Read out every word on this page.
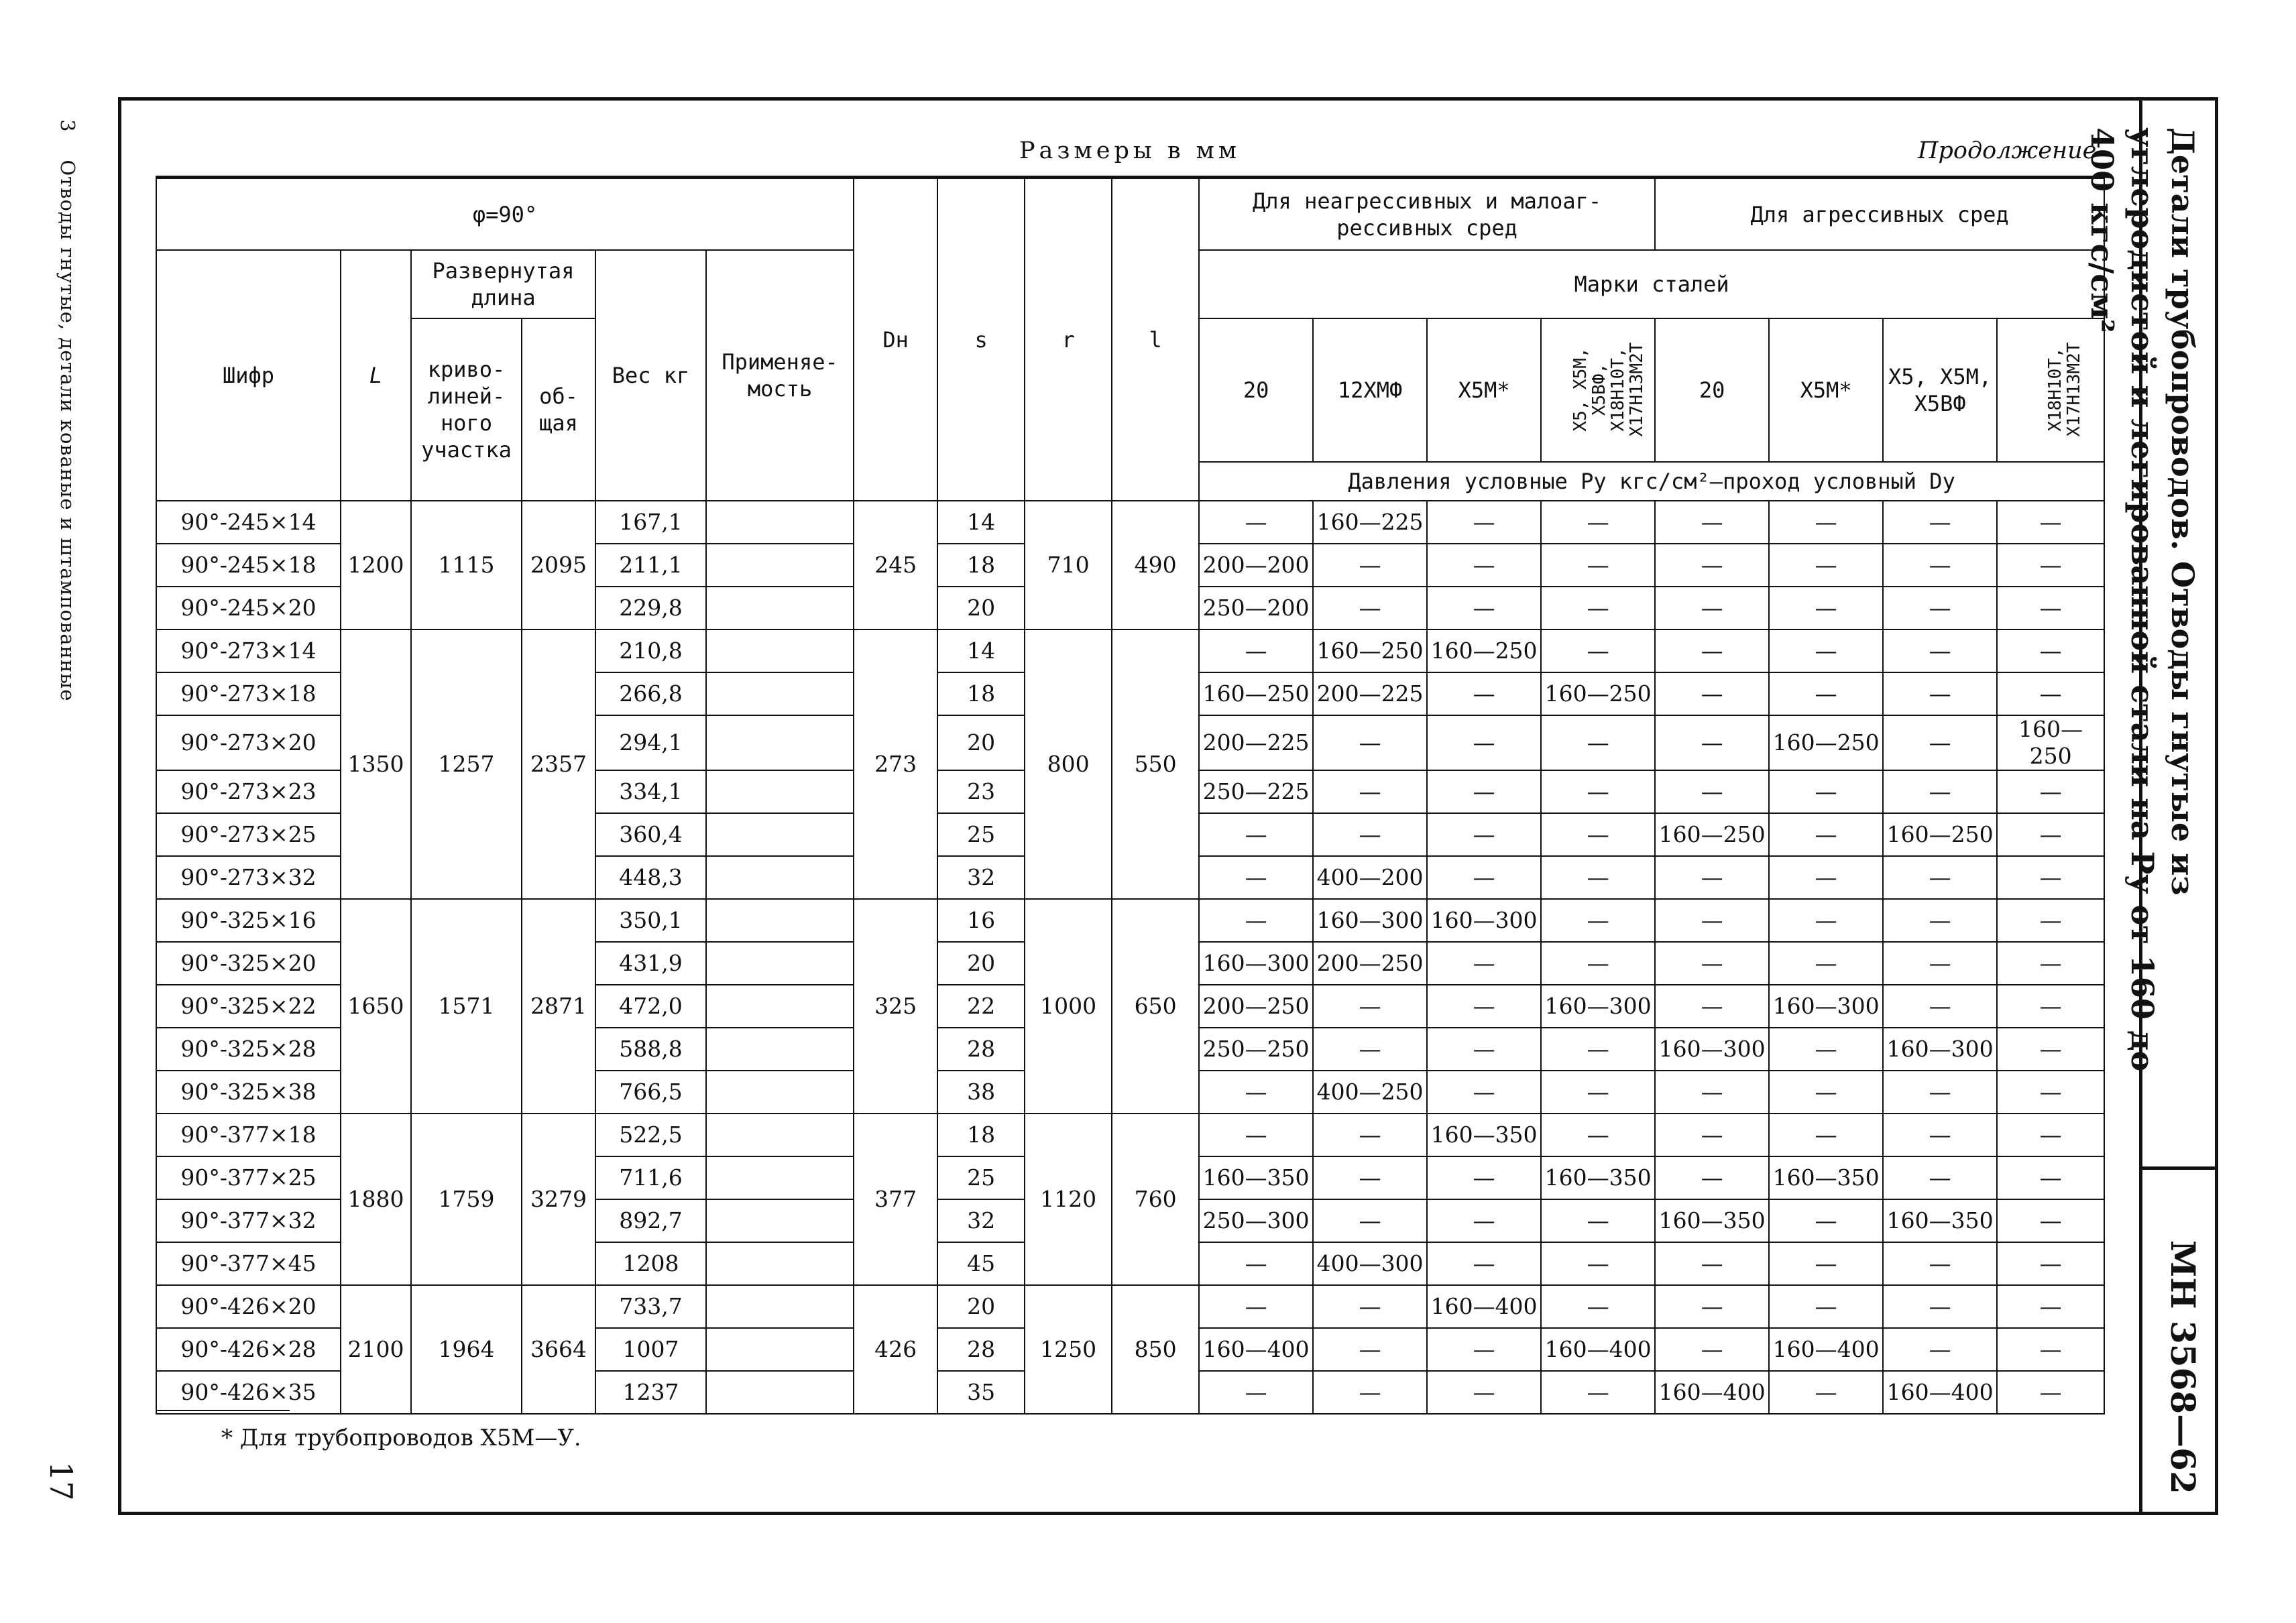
3    Отводы гнутые, детали кованые и штампованные
17
Детали трубопроводов. Отводы гнутые из углеродистой и легированной стали на Pу от 160 до 400 кгс/см²
МН 3568—62
Размеры в мм	Продолжение
φ=90°						Dн	s	r	l	Для неагрессивных и малоаг-рессивных сред				Для агрессивных сред			
Шифр	L	Развернутая длина		Вес кг	Применяе-мость					Марки сталей							
		криво-линей-ного участка	об-щая							20	12ХМФ	Х5М*	Х5, Х5М, Х5ВФ, Х18Н10Т, Х17Н13М2Т	20	Х5М*	Х5, Х5М, Х5ВФ	Х18Н10Т, Х17Н13М2Т
										Давления условные Pу кгс/см²—проход условный Dу							
90°-245×14	1200	1115	2095	167,1		245	14	710	490	—	160—225	—	—	—	—	—	—
90°-245×18				211,1			18			200—200	—	—	—	—	—	—	—
90°-245×20				229,8			20			250—200	—	—	—	—	—	—	—
90°-273×14	1350	1257	2357	210,8		273	14	800	550	—	160—250	160—250	—	—	—	—	—
90°-273×18				266,8			18			160—250	200—225	—	160—250	—	—	—	—
90°-273×20				294,1			20			200—225	—	—	—	—	160—250	—	160—250
90°-273×23				334,1			23			250—225	—	—	—	—	—	—	—
90°-273×25				360,4			25			—	—	—	—	160—250	—	160—250	—
90°-273×32				448,3			32			—	400—200	—	—	—	—	—	—
90°-325×16	1650	1571	2871	350,1		325	16	1000	650	—	160—300	160—300	—	—	—	—	—
90°-325×20				431,9			20			160—300	200—250	—	—	—	—	—	—
90°-325×22				472,0			22			200—250	—	—	160—300	—	160—300	—	—
90°-325×28				588,8			28			250—250	—	—	—	160—300	—	160—300	—
90°-325×38				766,5			38			—	400—250	—	—	—	—	—	—
90°-377×18	1880	1759	3279	522,5		377	18	1120	760	—	—	160—350	—	—	—	—	—
90°-377×25				711,6			25			160—350	—	—	160—350	—	160—350	—	—
90°-377×32				892,7			32			250—300	—	—	—	160—350	—	160—350	—
90°-377×45				1208			45			—	400—300	—	—	—	—	—	—
90°-426×20	2100	1964	3664	733,7		426	20	1250	850	—	—	160—400	—	—	—	—	—
90°-426×28				1007			28			160—400	—	—	160—400	—	160—400	—	—
90°-426×35				1237			35			—	—	—	—	160—400	—	160—400	—
* Для трубопроводов Х5М—У.
